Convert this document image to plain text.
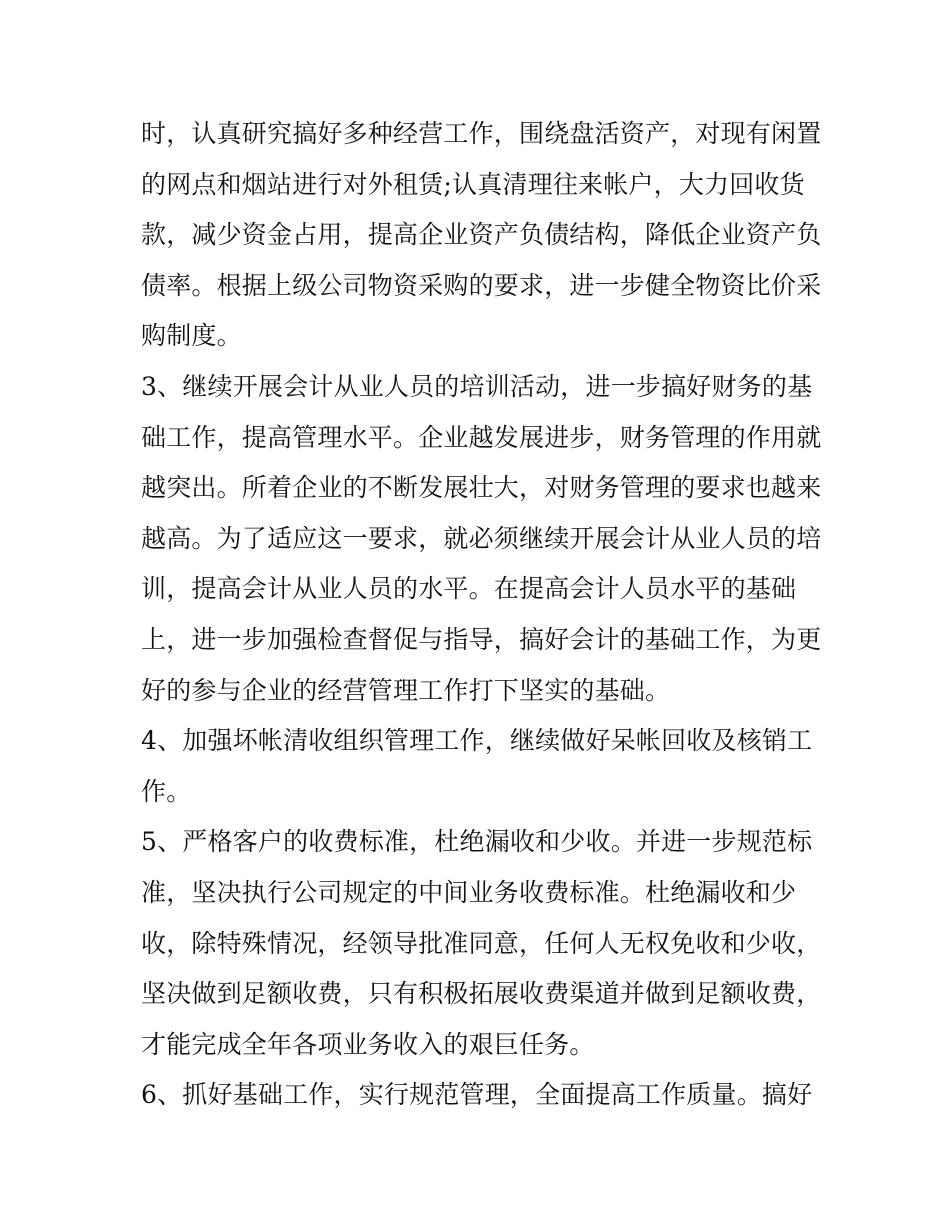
时，认真研究搞好多种经营工作，围绕盘活资产，对现有闲置
的网点和烟站进行对外租赁;认真清理往来帐户，大力回收货
款，减少资金占用，提高企业资产负债结构，降低企业资产负
债率。根据上级公司物资采购的要求，进一步健全物资比价采
购制度。
3、继续开展会计从业人员的培训活动，进一步搞好财务的基
础工作，提高管理水平。企业越发展进步，财务管理的作用就
越突出。所着企业的不断发展壮大，对财务管理的要求也越来
越高。为了适应这一要求，就必须继续开展会计从业人员的培
训，提高会计从业人员的水平。在提高会计人员水平的基础
上，进一步加强检查督促与指导，搞好会计的基础工作，为更
好的参与企业的经营管理工作打下坚实的基础。
4、加强坏帐清收组织管理工作，继续做好呆帐回收及核销工
作。
5、严格客户的收费标准，杜绝漏收和少收。并进一步规范标
准，坚决执行公司规定的中间业务收费标准。杜绝漏收和少
收，除特殊情况，经领导批准同意，任何人无权免收和少收，
坚决做到足额收费，只有积极拓展收费渠道并做到足额收费，
才能完成全年各项业务收入的艰巨任务。
6、抓好基础工作，实行规范管理，全面提高工作质量。搞好
